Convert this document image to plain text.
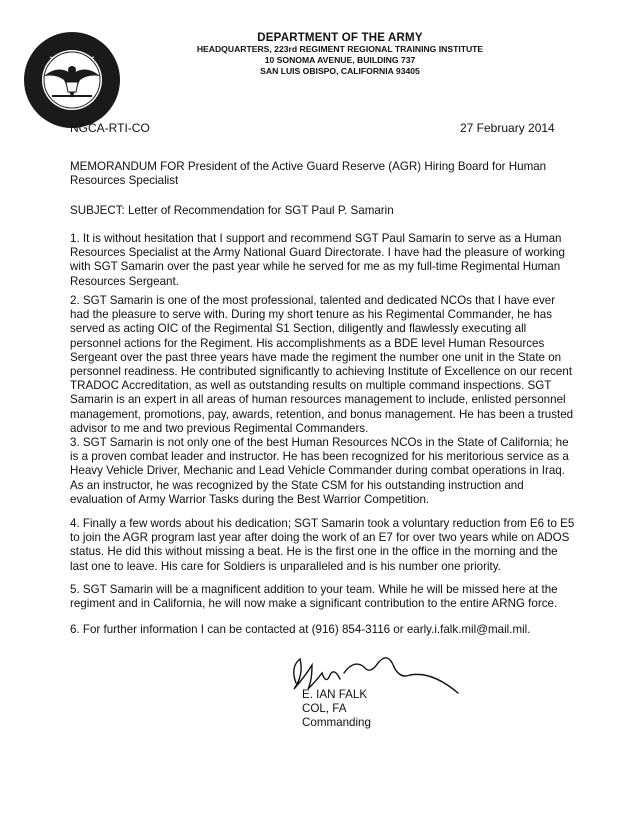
DEPARTMENT OF THE ARMY
HEADQUARTERS, 223rd REGIMENT REGIONAL TRAINING INSTITUTE
10 SONOMA AVENUE, BUILDING 737
SAN LUIS OBISPO, CALIFORNIA 93405
NGCA-RTI-CO	27 February 2014

MEMORANDUM FOR President of the Active Guard Reserve (AGR) Hiring Board for Human Resources Specialist

SUBJECT: Letter of Recommendation for SGT Paul P. Samarin

1. It is without hesitation that I support and recommend SGT Paul Samarin to serve as a Human Resources Specialist at the Army National Guard Directorate. I have had the pleasure of working with SGT Samarin over the past year while he served for me as my full-time Regimental Human Resources Sergeant.

2. SGT Samarin is one of the most professional, talented and dedicated NCOs that I have ever had the pleasure to serve with. During my short tenure as his Regimental Commander, he has served as acting OIC of the Regimental S1 Section, diligently and flawlessly executing all personnel actions for the Regiment. His accomplishments as a BDE level Human Resources Sergeant over the past three years have made the regiment the number one unit in the State on personnel readiness. He contributed significantly to achieving Institute of Excellence on our recent TRADOC Accreditation, as well as outstanding results on multiple command inspections. SGT Samarin is an expert in all areas of human resources management to include, enlisted personnel management, promotions, pay, awards, retention, and bonus management. He has been a trusted advisor to me and two previous Regimental Commanders.

3. SGT Samarin is not only one of the best Human Resources NCOs in the State of California; he is a proven combat leader and instructor. He has been recognized for his meritorious service as a Heavy Vehicle Driver, Mechanic and Lead Vehicle Commander during combat operations in Iraq. As an instructor, he was recognized by the State CSM for his outstanding instruction and evaluation of Army Warrior Tasks during the Best Warrior Competition.

4. Finally a few words about his dedication; SGT Samarin took a voluntary reduction from E6 to E5 to join the AGR program last year after doing the work of an E7 for over two years while on ADOS status. He did this without missing a beat. He is the first one in the office in the morning and the last one to leave. His care for Soldiers is unparalleled and is his number one priority.

5. SGT Samarin will be a magnificent addition to your team. While he will be missed here at the regiment and in California, he will now make a significant contribution to the entire ARNG force.

6. For further information I can be contacted at (916) 854-3116 or early.i.falk.mil@mail.mil.

E. IAN FALK
COL, FA
Commanding
